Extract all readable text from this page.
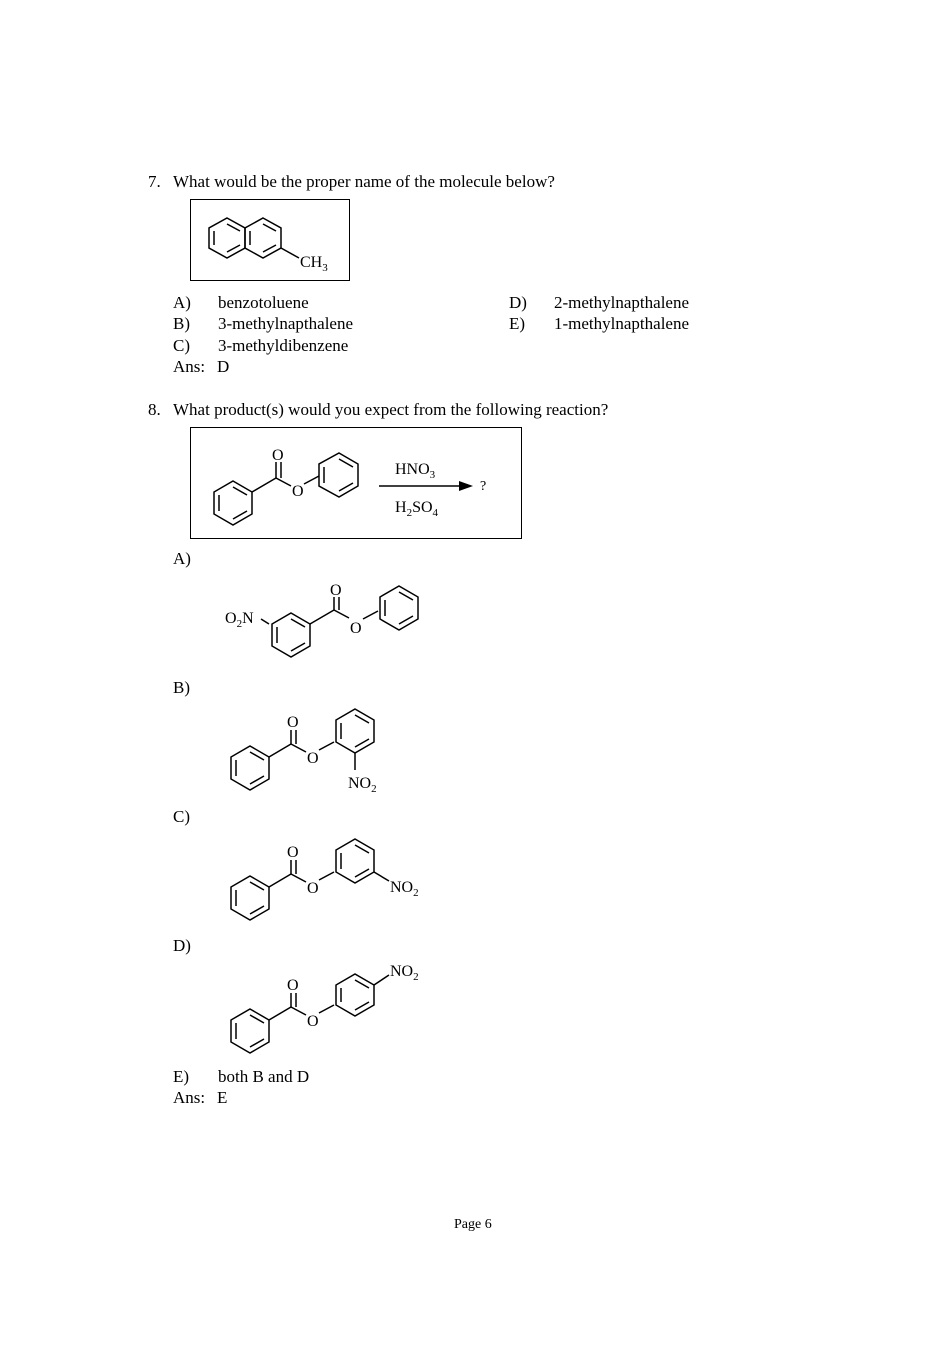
7. What would be the proper name of the molecule below?
$CH_3$
A) benzotoluene
B) 3-methylnapthalene
C) 3-methyldibenzene
D) 2-methylnapthalene
E) 1-methylnapthalene
Ans: D
8. What product(s) would you expect from the following reaction?
O
O
$HNO_3$
$H_2SO_4$
?
A)
$O_2N$
O
O
B)
O
O
$NO_2$
C)
O
O	$NO_2$
D)
O
O
$NO_2$
E) both B and D
Ans: E
Page 6
